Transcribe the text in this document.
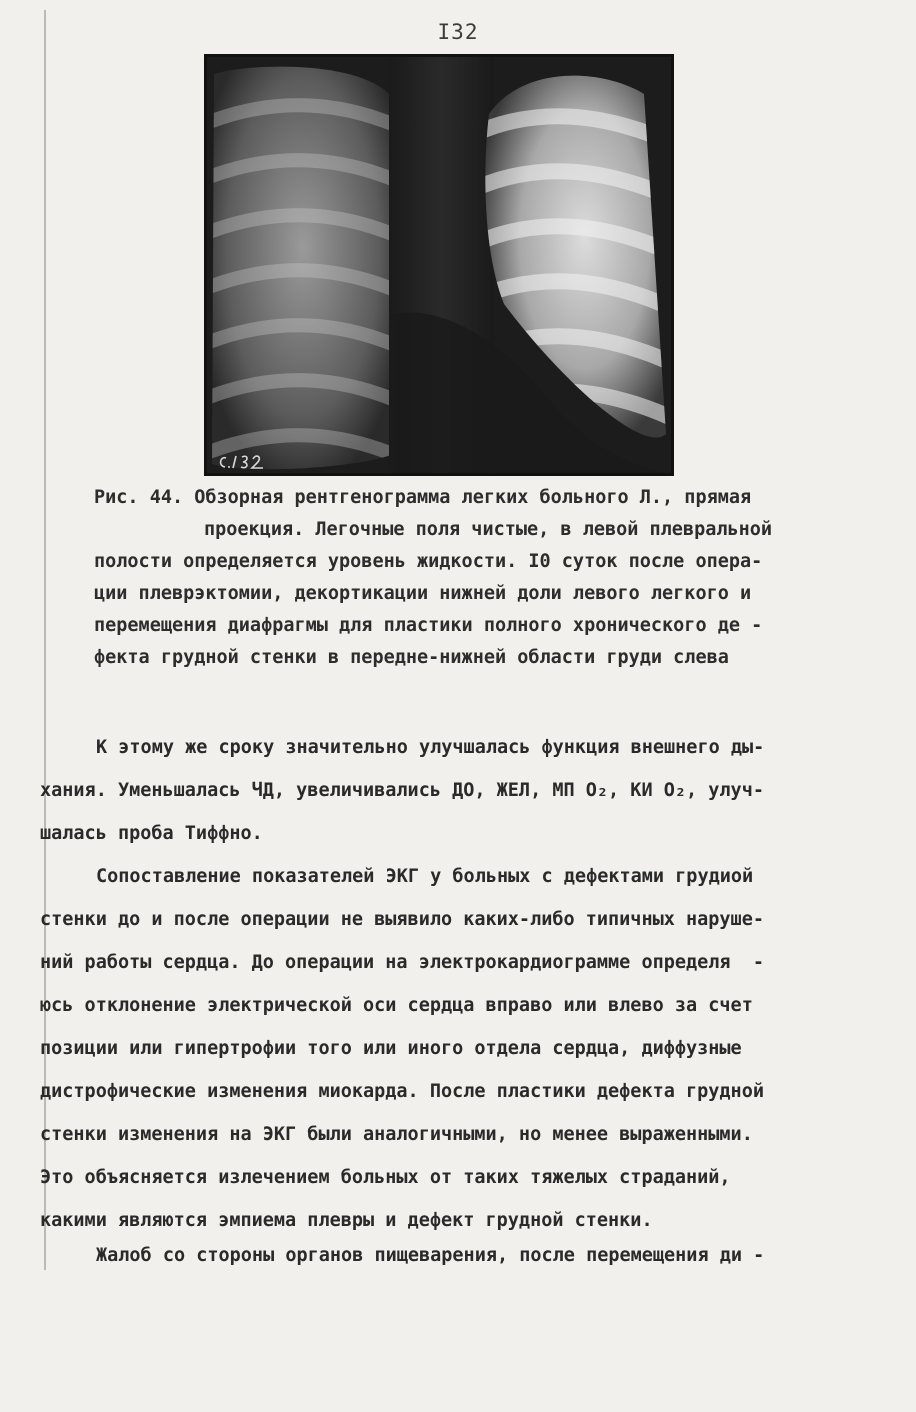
I32
Рис. 44. Обзорная рентгенограмма легких больного Л., прямая
проекция. Легочные поля чистые, в левой плевральной
полости определяется уровень жидкости. I0 суток после опера-
ции плеврэктомии, декортикации нижней доли левого легкого и
перемещения диафрагмы для пластики полного хронического де -
фекта грудной стенки в передне-нижней области груди слева
К этому же сроку значительно улучшалась функция внешнего ды-
хания. Уменьшалась ЧД, увеличивались ДО, ЖЕЛ, МП O₂, КИ O₂, улуч-
шалась проба Тиффно.
Сопоставление показателей ЭКГ у больных с дефектами грудиой
стенки до и после операции не выявило каких-либо типичных наруше-
ний работы сердца. До операции на электрокардиограмме определя  -
юсь отклонение электрической оси сердца вправо или влево за счет
позиции или гипертрофии того или иного отдела сердца, диффузные
дистрофические изменения миокарда. После пластики дефекта грудной
стенки изменения на ЭКГ были аналогичными, но менее выраженными.
Это объясняется излечением больных от таких тяжелых страданий,
какими являются эмпиема плевры и дефект грудной стенки.
Жалоб со стороны органов пищеварения, после перемещения ди -
